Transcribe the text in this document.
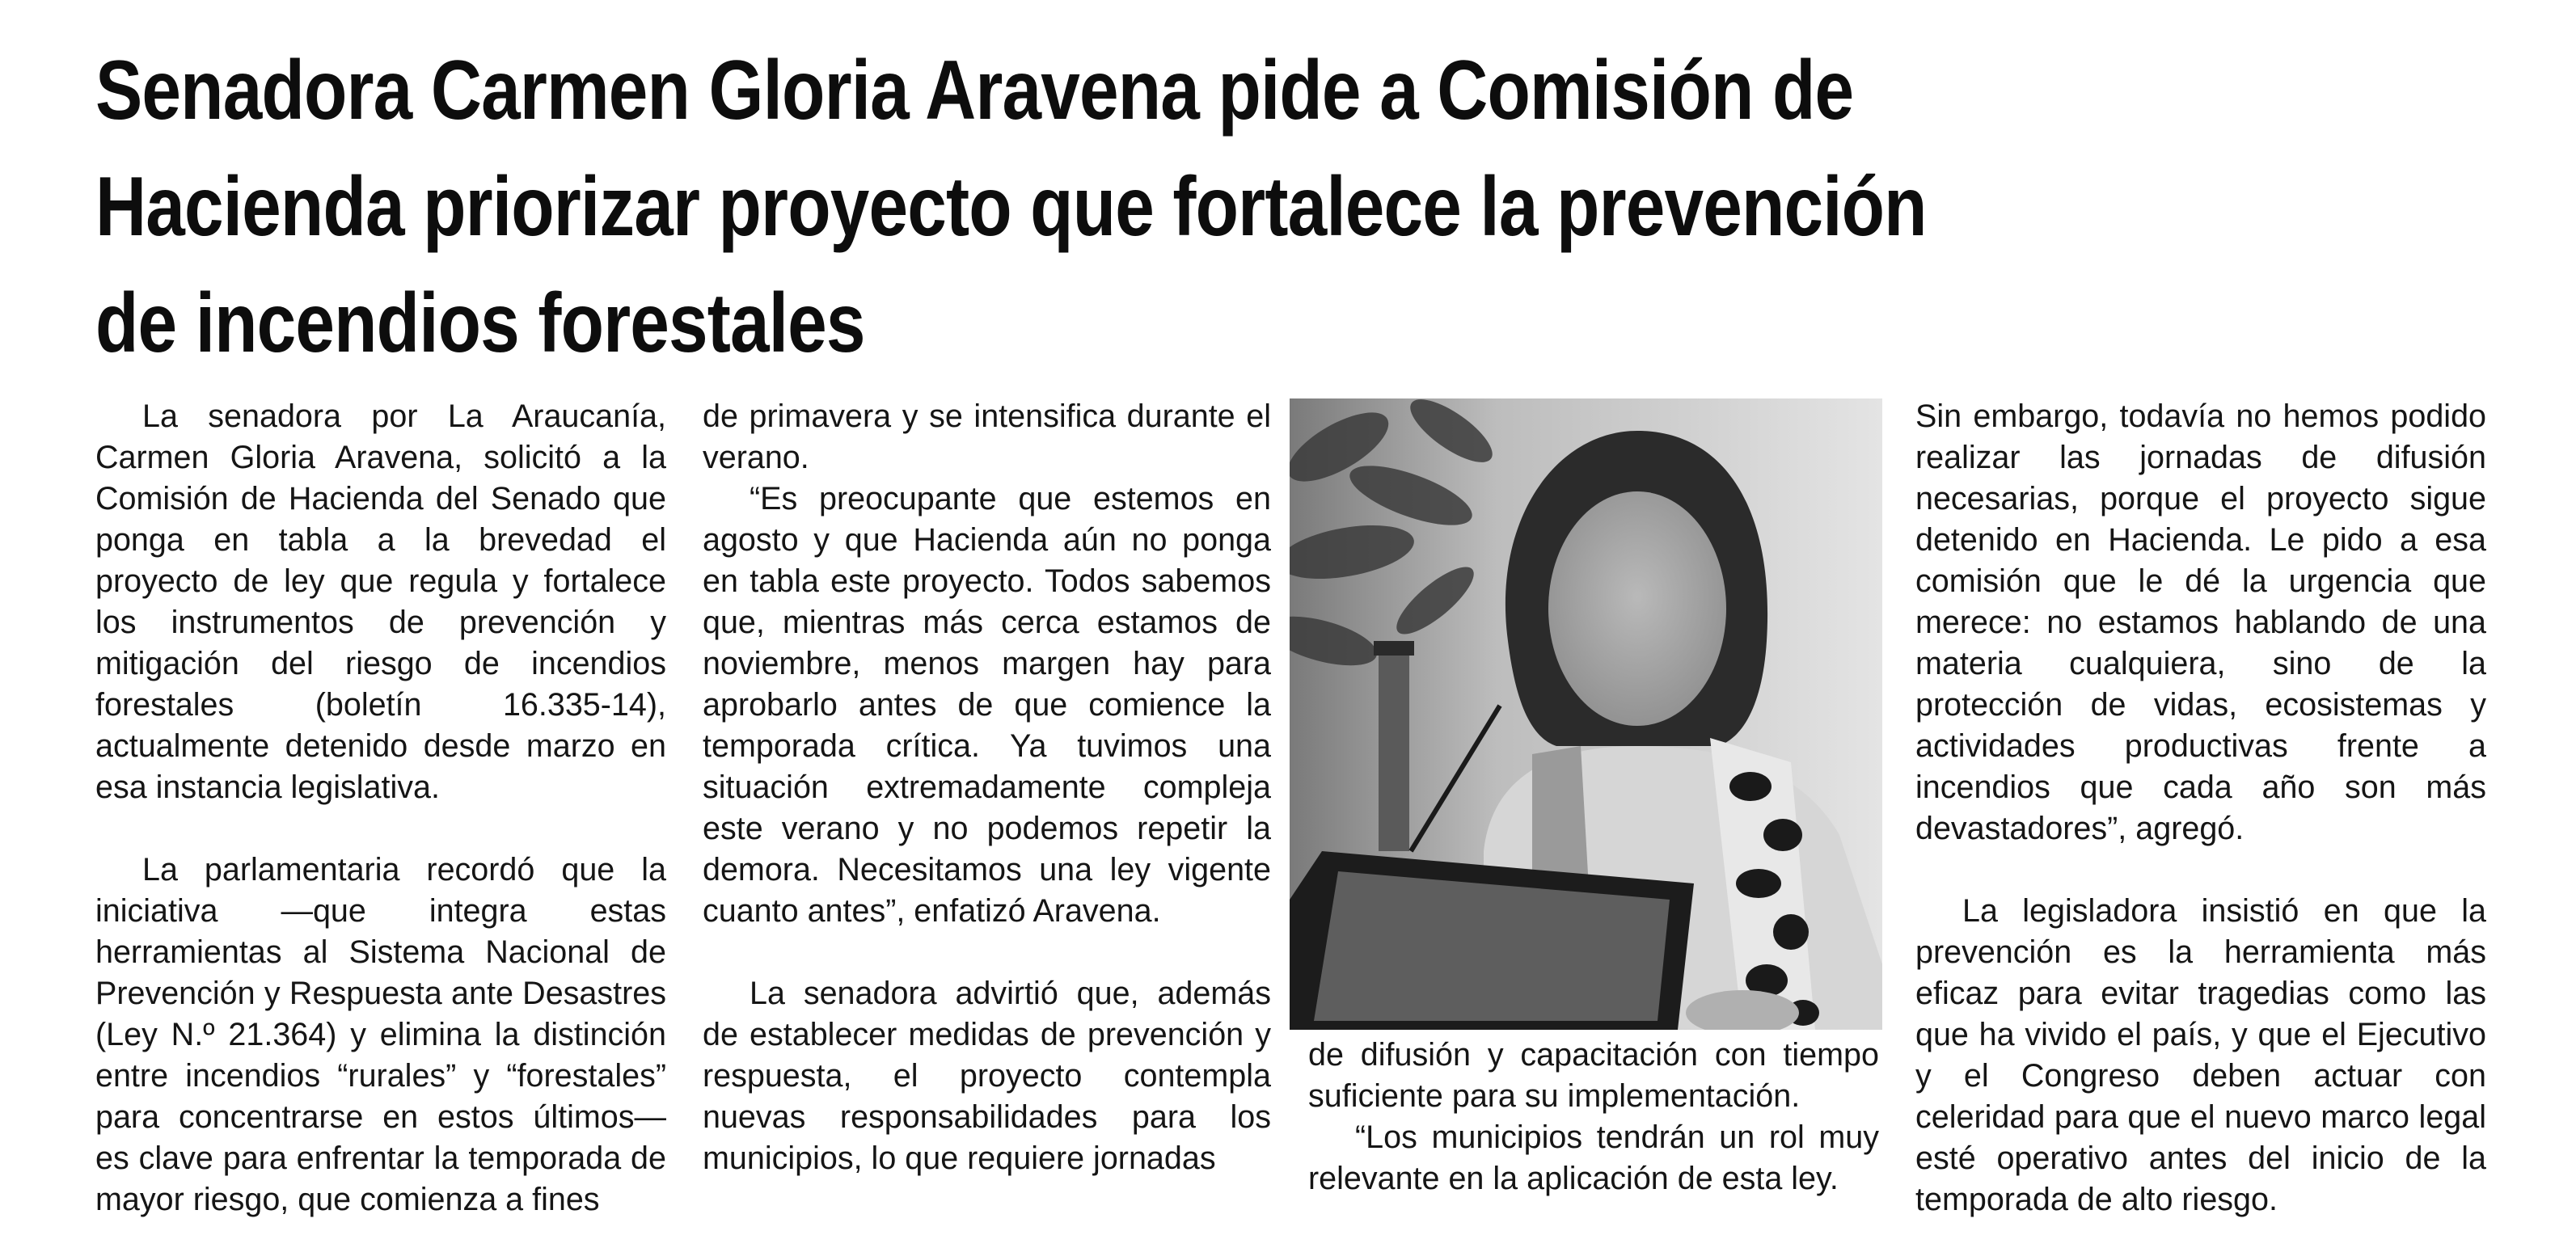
Senadora Carmen Gloria Aravena pide a Comisión de
Hacienda priorizar proyecto que fortalece la prevención
de incendios forestales

La senadora por La Araucanía, Carmen Gloria Aravena, solicitó a la Comisión de Hacienda del Senado que ponga en tabla a la brevedad el proyecto de ley que regula y fortalece los instrumentos de prevención y mitigación del riesgo de incendios forestales (boletín 16.335-14), actualmente detenido desde marzo en esa instancia legislativa.

La parlamentaria recordó que la iniciativa —que integra estas herramientas al Sistema Nacional de Prevención y Respuesta ante Desastres (Ley N.º 21.364) y elimina la distinción entre incendios “rurales” y “forestales” para concentrarse en estos últimos— es clave para enfrentar la temporada de mayor riesgo, que comienza a fines

de primavera y se intensifica durante el verano.

“Es preocupante que estemos en agosto y que Hacienda aún no ponga en tabla este proyecto. Todos sabemos que, mientras más cerca estamos de noviembre, menos margen hay para aprobarlo antes de que comience la temporada crítica. Ya tuvimos una situación extremadamente compleja este verano y no podemos repetir la demora. Necesitamos una ley vigente cuanto antes”, enfatizó Aravena.

La senadora advirtió que, además de establecer medidas de prevención y respuesta, el proyecto contempla nuevas responsabilidades para los municipios, lo que requiere jornadas

de difusión y capacitación con tiempo suficiente para su implementación.

“Los municipios tendrán un rol muy relevante en la aplicación de esta ley.

Sin embargo, todavía no hemos podido realizar las jornadas de difusión necesarias, porque el proyecto sigue detenido en Hacienda. Le pido a esa comisión que le dé la urgencia que merece: no estamos hablando de una materia cualquiera, sino de la protección de vidas, ecosistemas y actividades productivas frente a incendios que cada año son más devastadores”, agregó.

La legisladora insistió en que la prevención es la herramienta más eficaz para evitar tragedias como las que ha vivido el país, y que el Ejecutivo y el Congreso deben actuar con celeridad para que el nuevo marco legal esté operativo antes del inicio de la temporada de alto riesgo.
